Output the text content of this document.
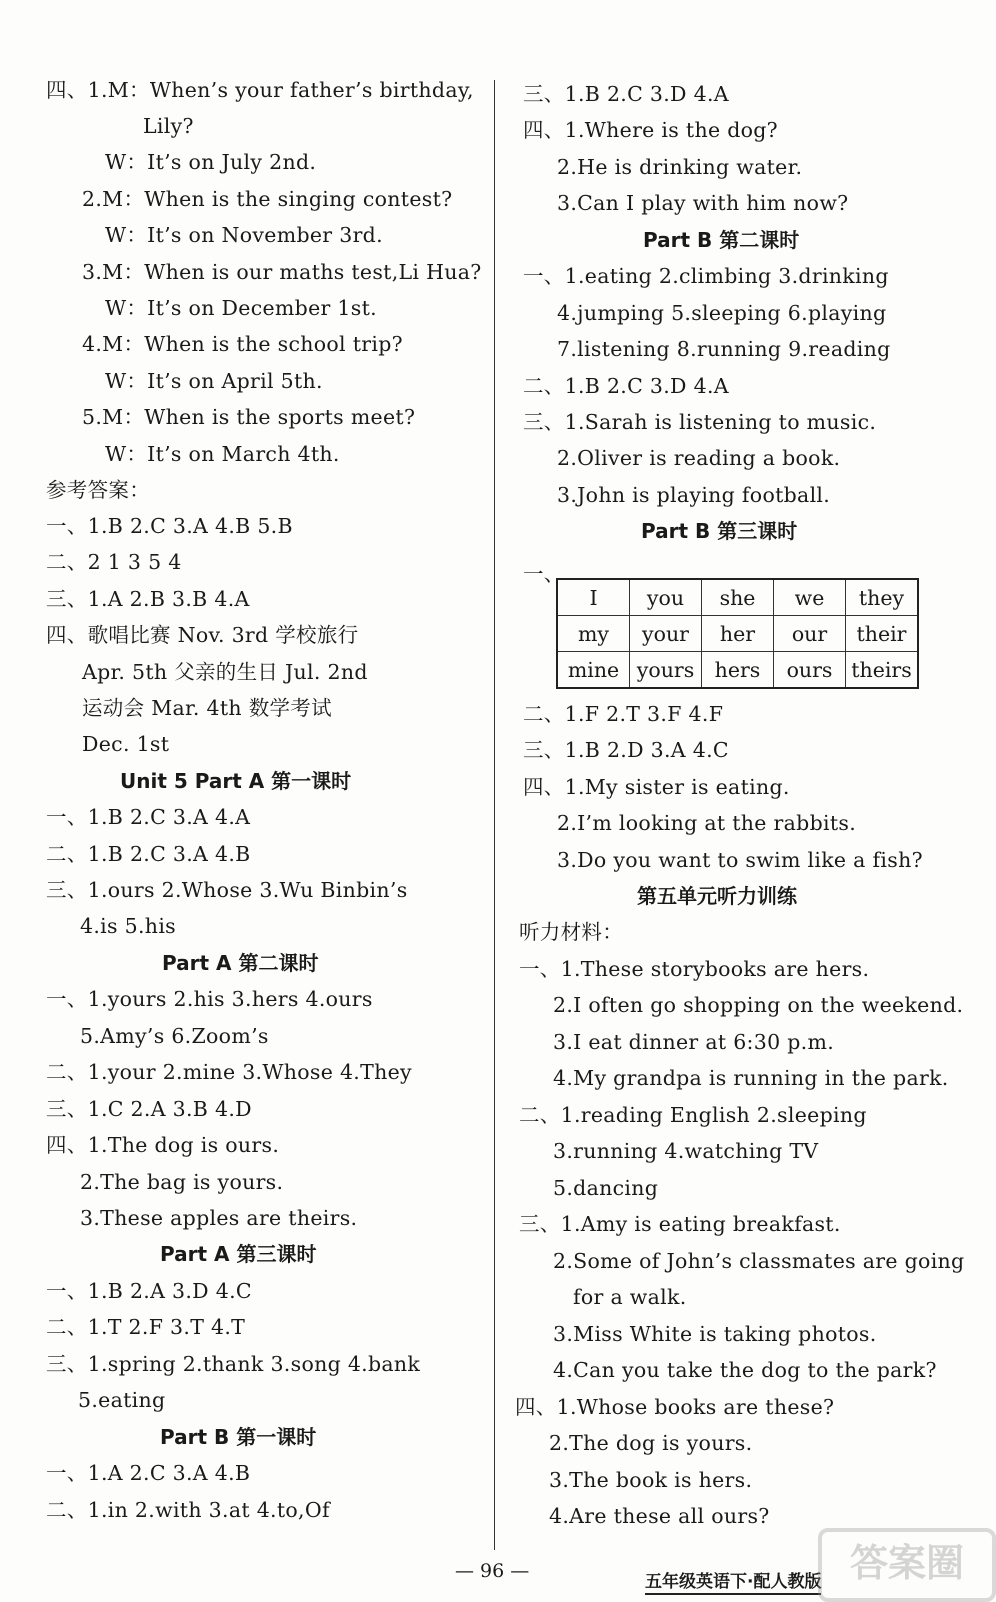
四、1.M：When’s your father’s birthday,
Lily?
W：It’s on July 2nd.
2.M：When is the singing contest?
W：It’s on November 3rd.
3.M：When is our maths test,Li Hua?
W：It’s on December 1st.
4.M：When is the school trip?
W：It’s on April 5th.
5.M：When is the sports meet?
W：It’s on March 4th.
参考答案：
一、1.B 2.C 3.A 4.B 5.B
二、2 1 3 5 4
三、1.A 2.B 3.B 4.A
四、歌唱比赛 Nov. 3rd 学校旅行
Apr. 5th 父亲的生日 Jul. 2nd
运动会 Mar. 4th 数学考试
Dec. 1st
Unit 5 Part A 第一课时
一、1.B 2.C 3.A 4.A
二、1.B 2.C 3.A 4.B
三、1.ours 2.Whose 3.Wu Binbin’s
4.is 5.his
Part A 第二课时
一、1.yours 2.his 3.hers 4.ours
5.Amy’s 6.Zoom’s
二、1.your 2.mine 3.Whose 4.They
三、1.C 2.A 3.B 4.D
四、1.The dog is ours.
2.The bag is yours.
3.These apples are theirs.
Part A 第三课时
一、1.B 2.A 3.D 4.C
二、1.T 2.F 3.T 4.T
三、1.spring 2.thank 3.song 4.bank
5.eating
Part B 第一课时
一、1.A 2.C 3.A 4.B
二、1.in 2.with 3.at 4.to,Of
三、1.B 2.C 3.D 4.A
四、1.Where is the dog?
2.He is drinking water.
3.Can I play with him now?
Part B 第二课时
一、1.eating 2.climbing 3.drinking
4.jumping 5.sleeping 6.playing
7.listening 8.running 9.reading
二、1.B 2.C 3.D 4.A
三、1.Sarah is listening to music.
2.Oliver is reading a book.
3.John is playing football.
Part B 第三课时
一、
二、1.F 2.T 3.F 4.F
三、1.B 2.D 3.A 4.C
四、1.My sister is eating.
2.I’m looking at the rabbits.
3.Do you want to swim like a fish?
第五单元听力训练
听力材料：
一、1.These storybooks are hers.
2.I often go shopping on the weekend.
3.I eat dinner at 6:30 p.m.
4.My grandpa is running in the park.
二、1.reading English 2.sleeping
3.running 4.watching TV
5.dancing
三、1.Amy is eating breakfast.
2.Some of John’s classmates are going
for a walk.
3.Miss White is taking photos.
4.Can you take the dog to the park?
四、1.Whose books are these?
2.The dog is yours.
3.The book is hers.
4.Are these all ours?
I	you	she	we	they
my	your	her	our	their
mine	yours	hers	ours	theirs
— 96 —	五年级英语下·配人教版 答案圈
